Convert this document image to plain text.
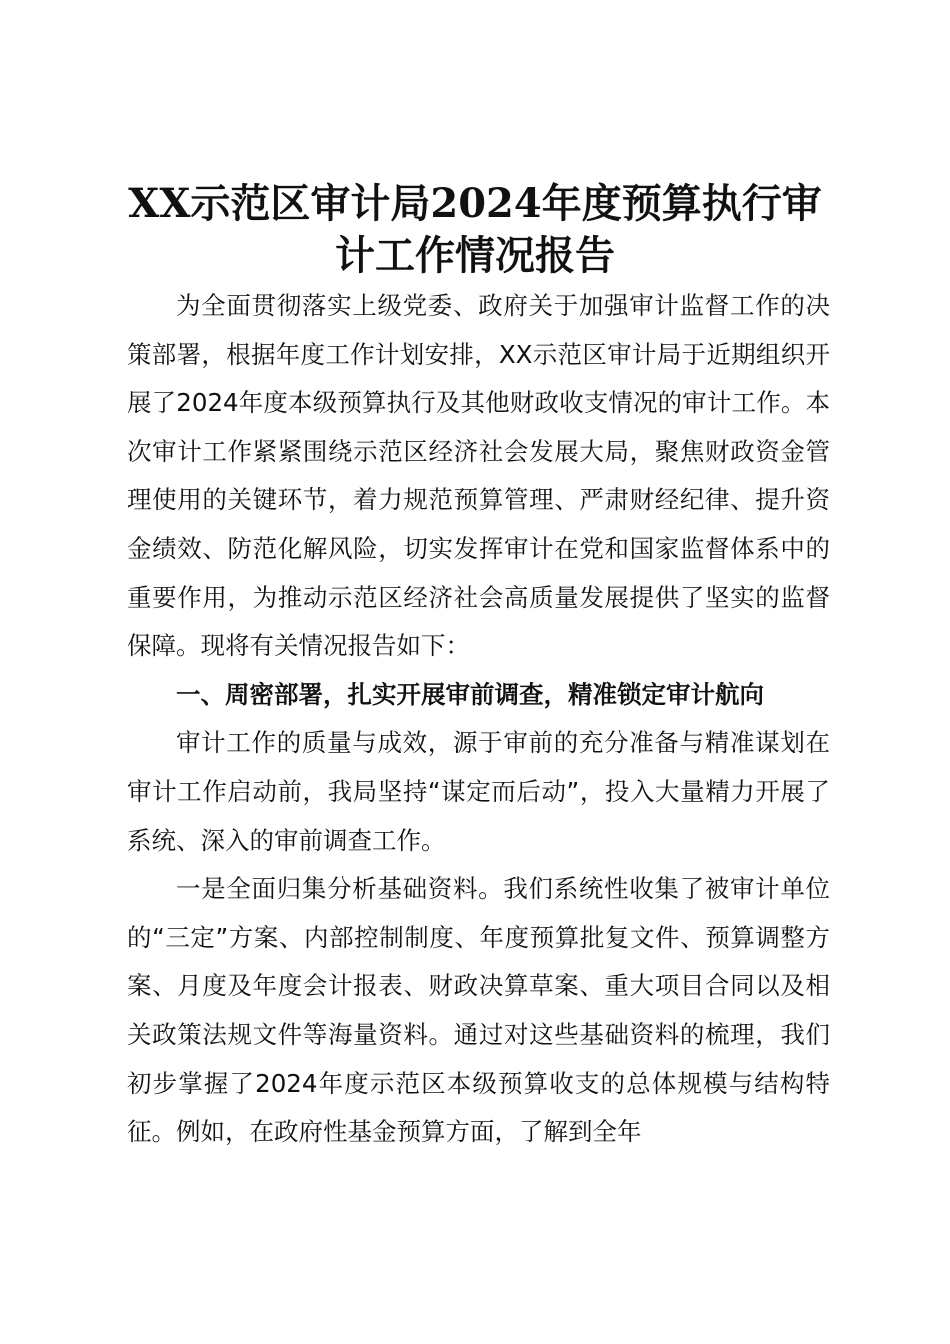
XX示范区审计局2024年度预算执行审计工作情况报告

为全面贯彻落实上级党委、政府关于加强审计监督工作的决策部署，根据年度工作计划安排，XX示范区审计局于近期组织开展了2024年度本级预算执行及其他财政收支情况的审计工作。本次审计工作紧紧围绕示范区经济社会发展大局，聚焦财政资金管理使用的关键环节，着力规范预算管理、严肃财经纪律、提升资金绩效、防范化解风险，切实发挥审计在党和国家监督体系中的重要作用，为推动示范区经济社会高质量发展提供了坚实的监督保障。现将有关情况报告如下：

一、周密部署，扎实开展审前调查，精准锁定审计航向

审计工作的质量与成效，源于审前的充分准备与精准谋划在审计工作启动前，我局坚持“谋定而后动”，投入大量精力开展了系统、深入的审前调查工作。

一是全面归集分析基础资料。我们系统性收集了被审计单位的“三定”方案、内部控制制度、年度预算批复文件、预算调整方案、月度及年度会计报表、财政决算草案、重大项目合同以及相关政策法规文件等海量资料。通过对这些基础资料的梳理，我们初步掌握了2024年度示范区本级预算收支的总体规模与结构特征。例如，在政府性基金预算方面，了解到全年
